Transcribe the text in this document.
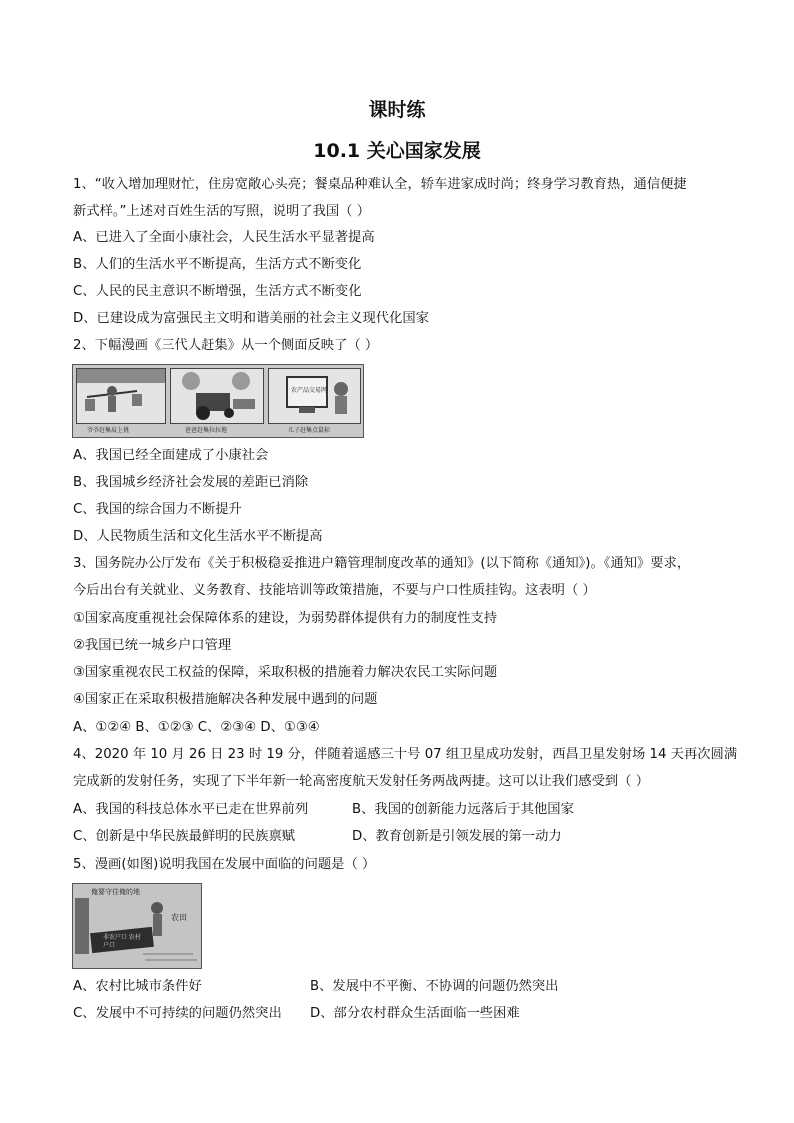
课时练
10.1 关心国家发展
1、“收入增加理财忙，住房宽敞心头亮；餐桌品种难认全，轿车进家成时尚；终身学习教育热，通信便捷
新式样。”上述对百姓生活的写照，说明了我国（ ）
A、已进入了全面小康社会，人民生活水平显著提高
B、人们的生活水平不断提高，生活方式不断变化
C、人民的民主意识不断增强，生活方式不断变化
D、已建设成为富强民主文明和谐美丽的社会主义现代化国家
2、下幅漫画《三代人赶集》从一个侧面反映了（ ）
农产品交易网
爷爷赶集肩上挑	爸爸赶集拉拉拖	儿子赶集点鼠标
A、我国已经全面建成了小康社会
B、我国城乡经济社会发展的差距已消除
C、我国的综合国力不断提升
D、人民物质生活和文化生活水平不断提高
3、国务院办公厅发布《关于积极稳妥推进户籍管理制度改革的通知》(以下简称《通知》)。《通知》要求，
今后出台有关就业、义务教育、技能培训等政策措施，不要与户口性质挂钩。这表明（ ）
①国家高度重视社会保障体系的建设，为弱势群体提供有力的制度性支持
②我国已统一城乡户口管理
③国家重视农民工权益的保障，采取积极的措施着力解决农民工实际问题
④国家正在采取积极措施解决各种发展中遇到的问题
A、①②④ B、①②③ C、②③④ D、①③④
4、2020 年 10 月 26 日 23 时 19 分，伴随着遥感三十号 07 组卫星成功发射，西昌卫星发射场 14 天再次圆满
完成新的发射任务，实现了下半年新一轮高密度航天发射任务两战两捷。这可以让我们感受到（ ）
A、我国的科技总体水平已走在世界前列	B、我国的创新能力远落后于其他国家
C、创新是中华民族最鲜明的民族禀赋	D、教育创新是引领发展的第一动力
5、漫画(如图)说明我国在发展中面临的问题是（ ）
俺要守住俺的地
农田
非农户口 农村户口
A、农村比城市条件好	B、发展中不平衡、不协调的问题仍然突出
C、发展中不可持续的问题仍然突出 D、部分农村群众生活面临一些困难
